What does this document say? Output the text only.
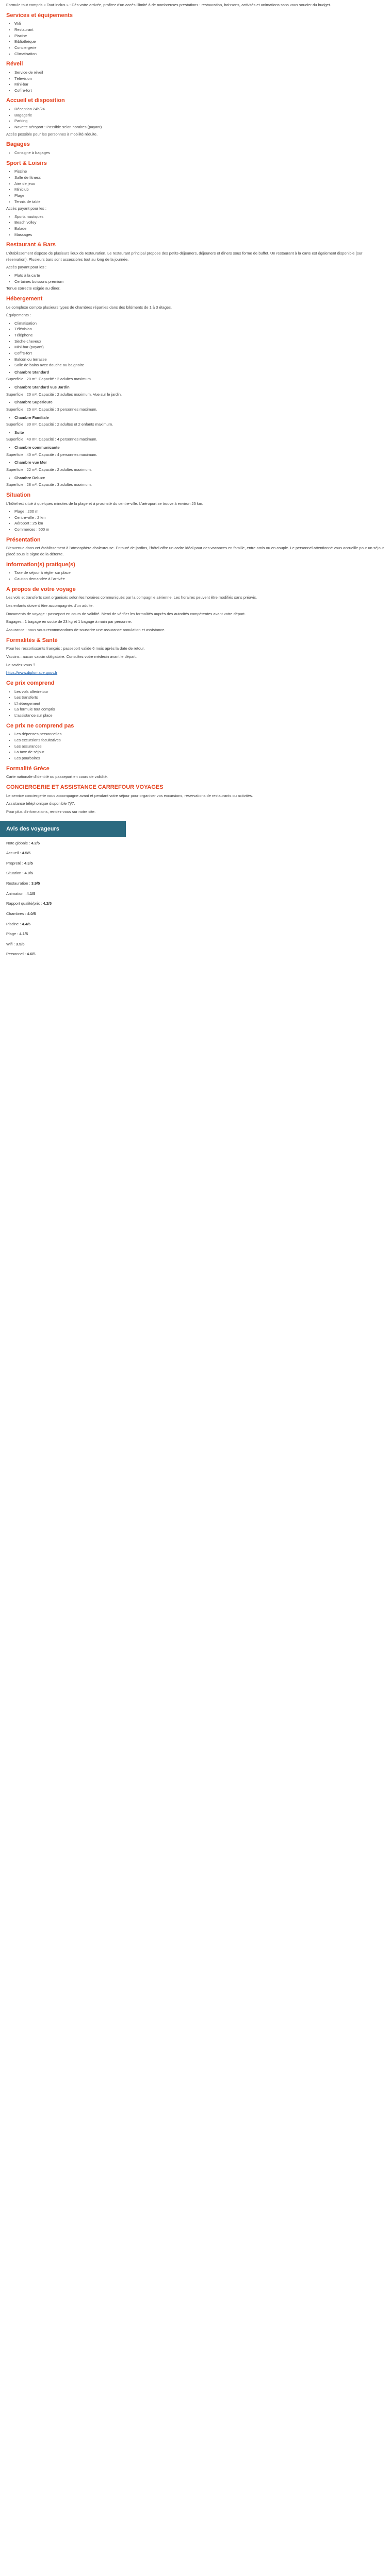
Formule tout compris « Tout-inclus » : Dès votre arrivée, profitez d'un accès illimité à de nombreuses prestations : restauration, boissons, activités et animations sans vous soucier du budget.

Services et équipements
• Wifi
• Restaurant
• Piscine
• Bibliothèque
• Conciergerie
• Climatisation
Réveil
• Service de réveil
• Télévision
• Mini-bar
• Coffre-fort
Accueil et disposition
• Réception 24h/24
• Bagagerie
• Parking
• Navette aéroport : Possible selon horaires (payant)

Accès possible pour les personnes à mobilité réduite.

Bagages
• Consigne à bagages
Sport & Loisirs
• Piscine
• Salle de fitness
• Aire de jeux
• Miniclub
• Plage
• Tennis de table

Accès payant pour les :

• Sports nautiques
• Beach volley
• Balade
• Massages
Restaurant & Bars

L'établissement dispose de plusieurs lieux de restauration. Le restaurant principal propose des petits-déjeuners, déjeuners et dîners sous forme de buffet. Un restaurant à la carte est également disponible (sur réservation). Plusieurs bars sont accessibles tout au long de la journée.

Accès payant pour les :

• Plats à la carte
• Certaines boissons premium

Tenue correcte exigée au dîner.

Hébergement

Le complexe compte plusieurs types de chambres réparties dans des bâtiments de 1 à 3 étages.

Équipements :

• Climatisation
• Télévision
• Téléphone
• Sèche-cheveux
• Mini-bar (payant)
• Coffre-fort
• Balcon ou terrasse
• Salle de bains avec douche ou baignoire
• Chambre Standard

Superficie : 20 m². Capacité : 2 adultes maximum.

• Chambre Standard vue Jardin

Superficie : 20 m². Capacité : 2 adultes maximum. Vue sur le jardin.

• Chambre Supérieure

Superficie : 25 m². Capacité : 3 personnes maximum.

• Chambre Familiale

Superficie : 30 m². Capacité : 2 adultes et 2 enfants maximum.

• Suite

Superficie : 40 m². Capacité : 4 personnes maximum.

• Chambre communicante

Superficie : 40 m². Capacité : 4 personnes maximum.

• Chambre vue Mer

Superficie : 22 m². Capacité : 2 adultes maximum.

• Chambre Deluxe

Superficie : 28 m². Capacité : 3 adultes maximum.

Situation

L'hôtel est situé à quelques minutes de la plage et à proximité du centre-ville. L'aéroport se trouve à environ 25 km.

• Plage : 200 m
• Centre-ville : 2 km
• Aéroport : 25 km
• Commerces : 500 m
Présentation

Bienvenue dans cet établissement à l'atmosphère chaleureuse. Entouré de jardins, l'hôtel offre un cadre idéal pour des vacances en famille, entre amis ou en couple. Le personnel attentionné vous accueille pour un séjour placé sous le signe de la détente.

Information(s) pratique(s)
• Taxe de séjour à régler sur place
• Caution demandée à l'arrivée
A propos de votre voyage

Les vols et transferts sont organisés selon les horaires communiqués par la compagnie aérienne. Les horaires peuvent être modifiés sans préavis.

Les enfants doivent être accompagnés d'un adulte.

Documents de voyage : passeport en cours de validité. Merci de vérifier les formalités auprès des autorités compétentes avant votre départ.

Bagages : 1 bagage en soute de 23 kg et 1 bagage à main par personne.

Assurance : nous vous recommandons de souscrire une assurance annulation et assistance.

Formalités & Santé

Pour les ressortissants français : passeport valide 6 mois après la date de retour.

Vaccins : aucun vaccin obligatoire. Consultez votre médecin avant le départ.

Le saviez-vous ?

https://www.diplomatie.gouv.fr

Ce prix comprend
• Les vols aller/retour
• Les transferts
• L'hébergement
• La formule tout compris
• L'assistance sur place
Ce prix ne comprend pas
• Les dépenses personnelles
• Les excursions facultatives
• Les assurances
• La taxe de séjour
• Les pourboires
Formalité Grèce

Carte nationale d'identité ou passeport en cours de validité.

CONCIERGERIE ET ASSISTANCE CARREFOUR VOYAGES

Le service conciergerie vous accompagne avant et pendant votre séjour pour organiser vos excursions, réservations de restaurants ou activités.

Assistance téléphonique disponible 7j/7.

Pour plus d'informations, rendez-vous sur notre site.

Avis des voyageurs
Note globale : 4.2/5
Accueil : 4.5/5
Propreté : 4.3/5
Situation : 4.0/5
Restauration : 3.9/5
Animation : 4.1/5
Rapport qualité/prix : 4.2/5
Chambres : 4.0/5
Piscine : 4.4/5
Plage : 4.1/5
Wifi : 3.5/5
Personnel : 4.6/5
